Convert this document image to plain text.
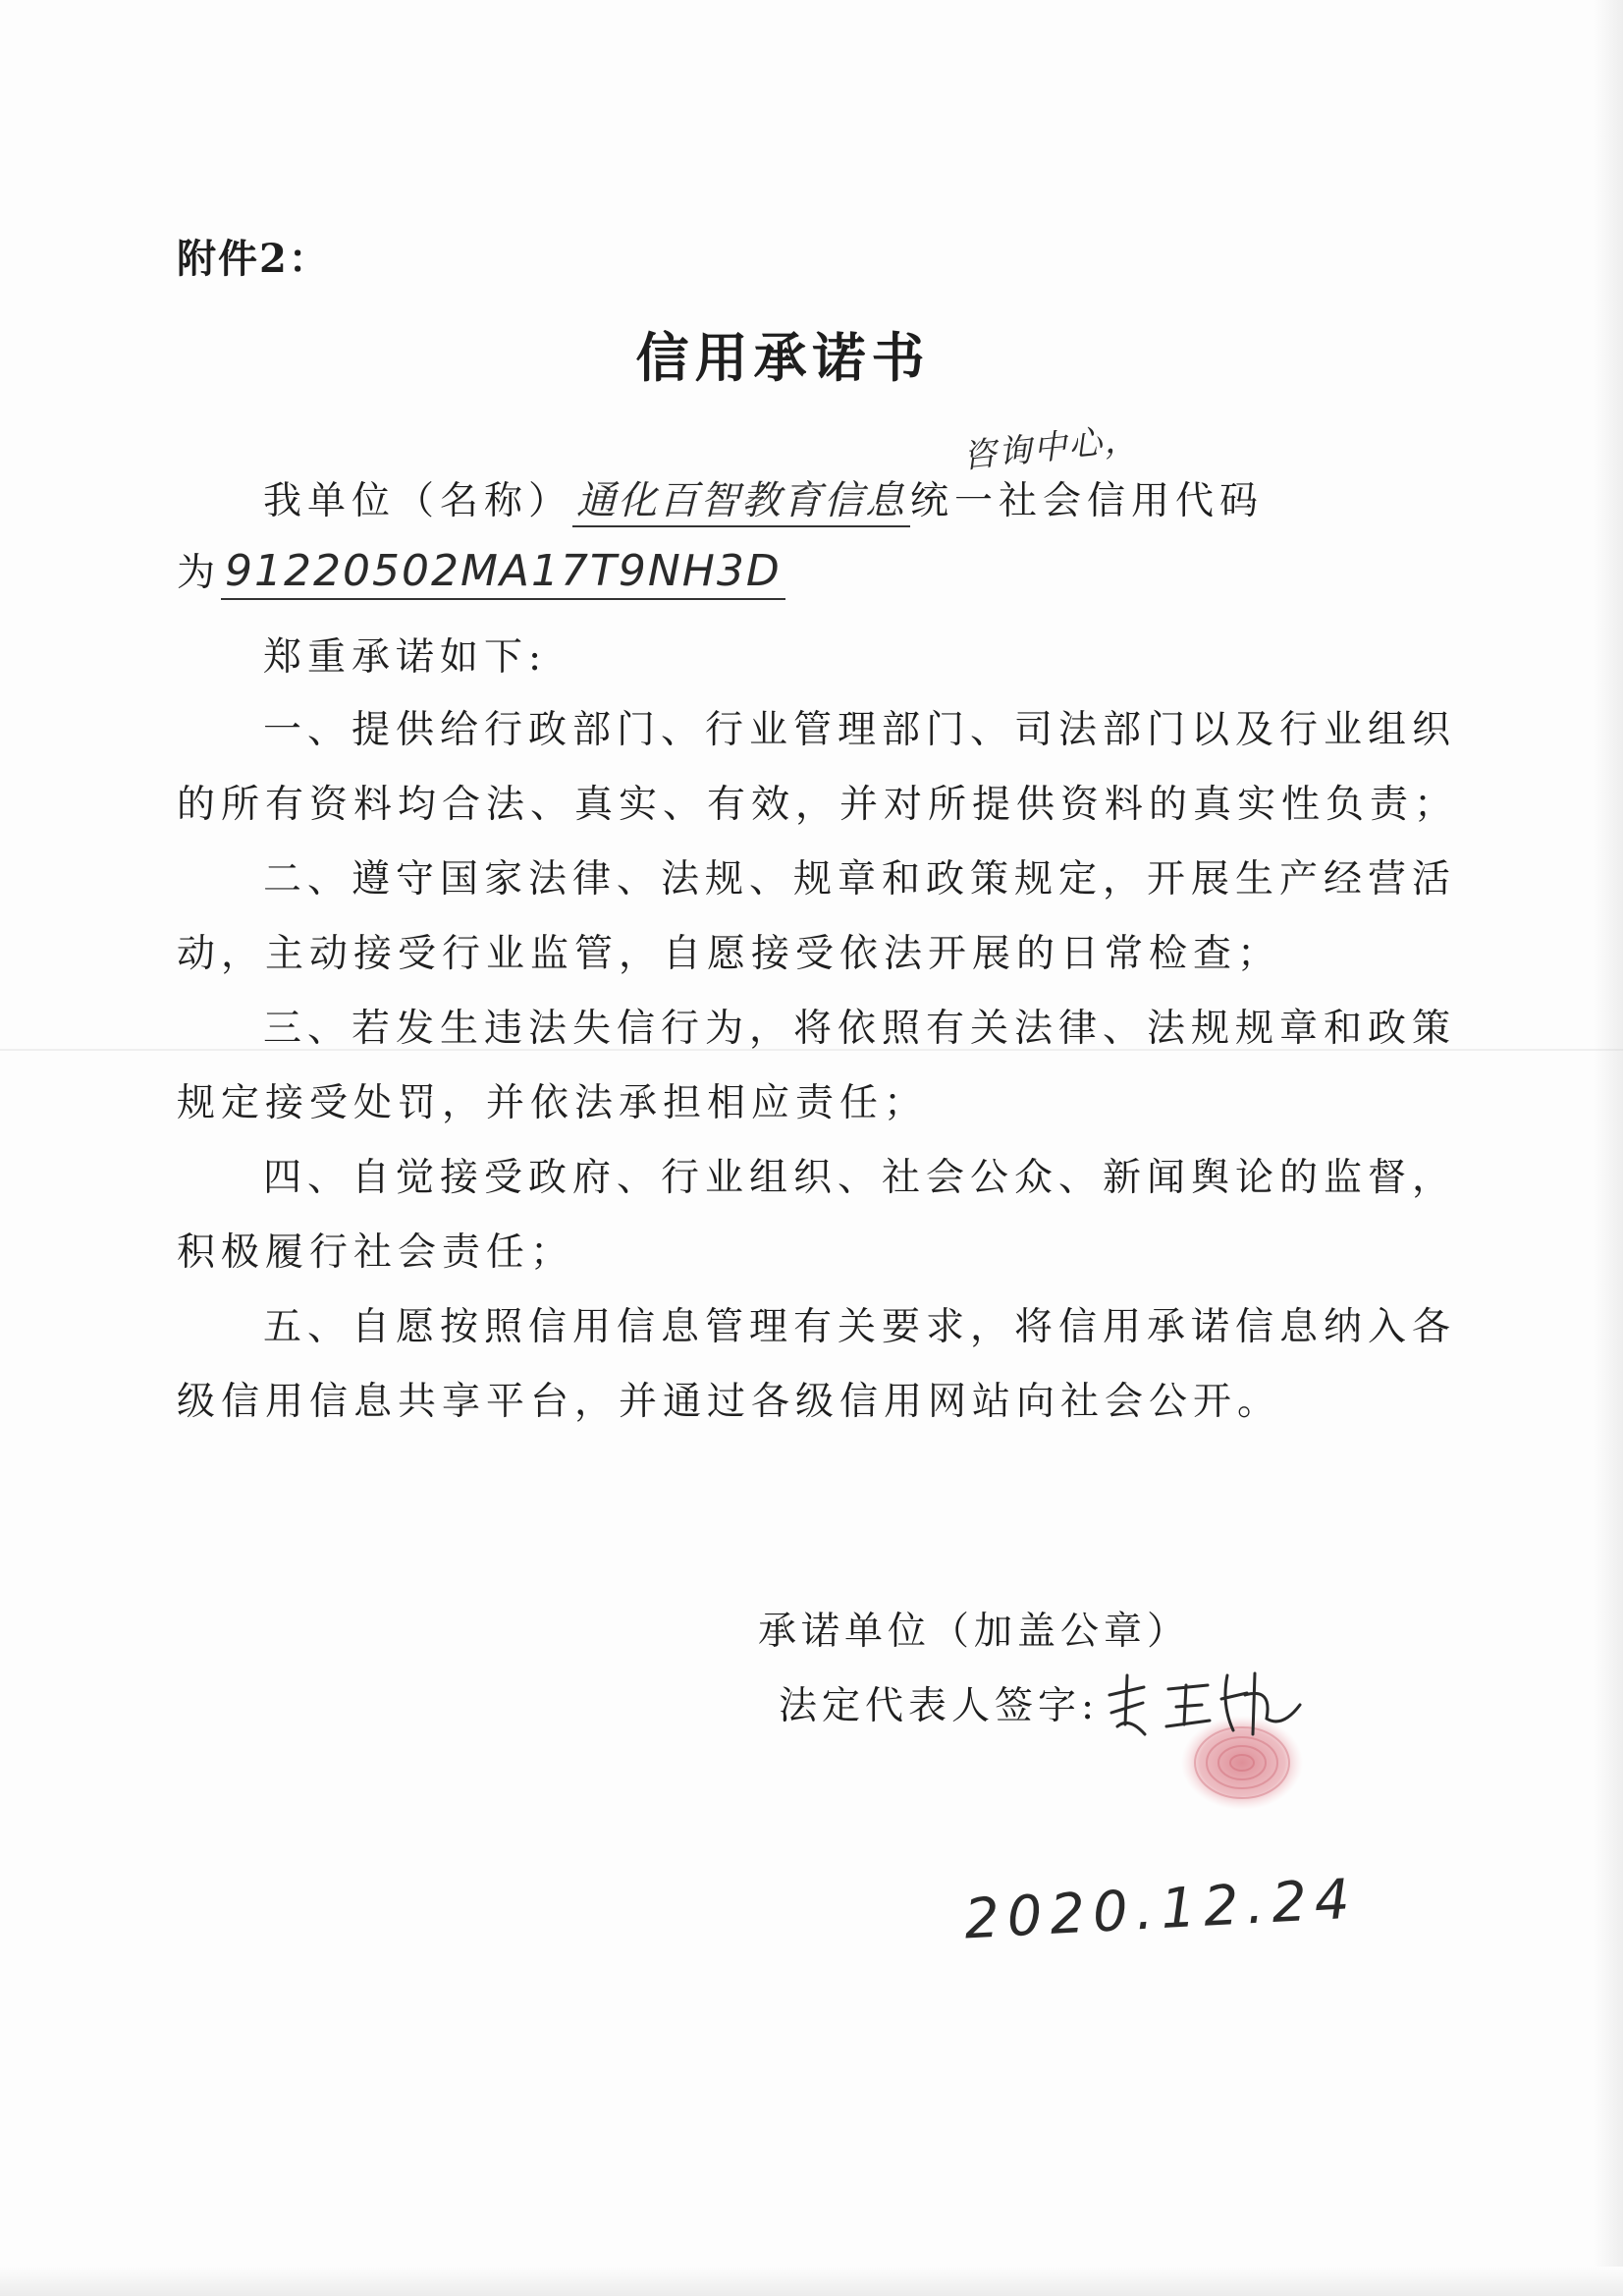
附件2：
信用承诺书
我单位（名称） 通化百智教育信息 统一社会信用代码
咨询中心，
为91220502MA17T9NH3D
郑重承诺如下:
一、提供给行政部门、行业管理部门、司法部门以及行业组织
的所有资料均合法、真实、有效，并对所提供资料的真实性负责；
二、遵守国家法律、法规、规章和政策规定，开展生产经营活
动，主动接受行业监管，自愿接受依法开展的日常检查；
三、若发生违法失信行为，将依照有关法律、法规规章和政策
规定接受处罚，并依法承担相应责任；
四、自觉接受政府、行业组织、社会公众、新闻舆论的监督，
积极履行社会责任；
五、自愿按照信用信息管理有关要求，将信用承诺信息纳入各
级信用信息共享平台，并通过各级信用网站向社会公开。
承诺单位（加盖公章）
法定代表人签字:
2020.12.24
